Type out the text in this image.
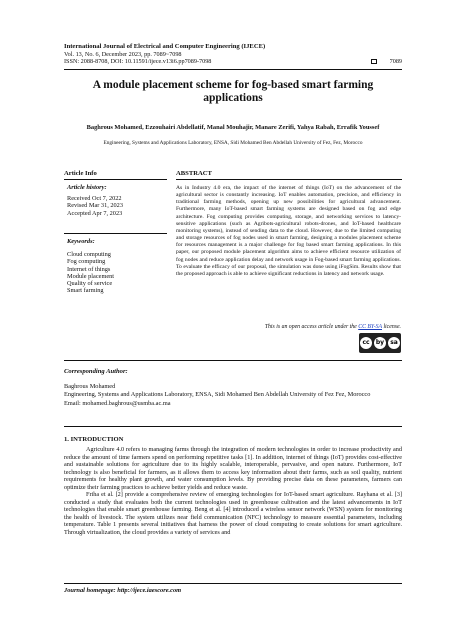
International Journal of Electrical and Computer Engineering (IJECE)
Vol. 13, No. 6, December 2023, pp. 7089~7098
ISSN: 2088-8708, DOI: 10.11591/ijece.v13i6.pp7089-7098	7089
A module placement scheme for fog-based smart farming applications
Baghrous Mohamed, Ezzouhairi Abdellatif, Manal Mouhajir, Manare Zerifi, Yahya Rabah, Errafik Youssef
Engineering, Systems and Applications Laboratory, ENSA, Sidi Mohamed Ben Abdellah University of Fez, Fez, Morocco
Article Info
Article history:
Received Oct 7, 2022
Revised Mar 31, 2023
Accepted Apr 7, 2023
Keywords:
Cloud computing
Fog computing
Internet of things
Module placement
Quality of service
Smart farming
ABSTRACT
As in Industry 4.0 era, the impact of the internet of things (IoT) on the advancement of the agricultural sector is constantly increasing. IoT enables automation, precision, and efficiency in traditional farming methods, opening up new possibilities for agricultural advancement. Furthermore, many IoT-based smart farming systems are designed based on fog and edge architecture. Fog computing provides computing, storage, and networking services to latency-sensitive applications (such as Agribots-agricultural robots-drones, and IoT-based healthcare monitoring systems), instead of sending data to the cloud. However, due to the limited computing and storage resources of fog nodes used in smart farming, designing a modules placement scheme for resources management is a major challenge for fog based smart farming applications. In this paper, our proposed module placement algorithm aims to achieve efficient resource utilization of fog nodes and reduce application delay and network usage in Fog-based smart farming applications. To evaluate the efficacy of our proposal, the simulation was done using iFogSim. Results show that the proposed approach is able to achieve significant reductions in latency and network usage.
This is an open access article under the CC BY-SA license.
cc	by	sa
Corresponding Author:
Baghrous Mohamed
Engineering, Systems and Applications Laboratory, ENSA, Sidi Mohamed Ben Abdellah University of Fez Fez, Morocco
Email: mohamed.baghrous@usmba.ac.ma
1. INTRODUCTION

Agriculture 4.0 refers to managing farms through the integration of modern technologies in order to increase productivity and reduce the amount of time farmers spend on performing repetitive tasks [1]. In addition, internet of things (IoT) provides cost-effective and sustainable solutions for agriculture due to its highly scalable, interoperable, pervasive, and open nature. Furthermore, IoT technology is also beneficial for farmers, as it allows them to access key information about their farms, such as soil quality, nutrient requirements for healthy plant growth, and water consumption levels. By providing precise data on these parameters, farmers can optimize their farming practices to achieve better yields and reduce waste.

Friha et al. [2] provide a comprehensive review of emerging technologies for IoT-based smart agriculture. Rayhana et al. [3] conducted a study that evaluates both the current technologies used in greenhouse cultivation and the latest advancements in IoT technologies that enable smart greenhouse farming. Beng et al. [4] introduced a wireless sensor network (WSN) system for monitoring the health of livestock. The system utilizes near field communication (NFC) technology to measure essential parameters, including temperature. Table 1 presents several initiatives that harness the power of cloud computing to create solutions for smart agriculture. Through virtualization, the cloud provides a variety of services and

Journal homepage: http://ijece.iaescore.com
